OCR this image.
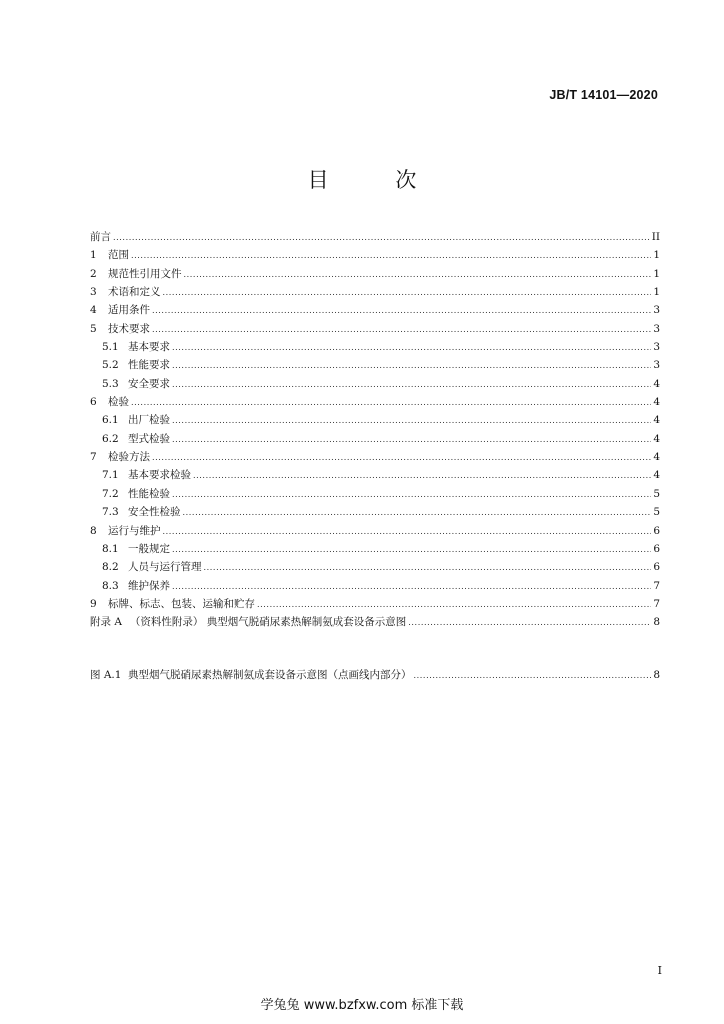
JB/T 14101—2020
目 次
前言 .....	II
1	范围 .....	1
2	规范性引用文件 .....	1
3	术语和定义 .....	1
4	适用条件 .....	3
5	技术要求 .....	3
5.1 基本要求 .....	3
5.2 性能要求 .....	3
5.3 安全要求 .....	4
6	检验 .....	4
6.1 出厂检验 .....	4
6.2 型式检验 .....	4
7	检验方法 .....	4
7.1 基本要求检验 .....	4
7.2 性能检验 .....	5
7.3 安全性检验 .....	5
8	运行与维护 .....	6
8.1 一般规定 .....	6
8.2 人员与运行管理 .....	6
8.3 维护保养 .....	7
9	标牌、标志、包装、运输和贮存 .....	7
附录 A （资料性附录） 典型烟气脱硝尿素热解制氨成套设备示意图 .....	8
图 A.1 典型烟气脱硝尿素热解制氨成套设备示意图（点画线内部分） .....	8
I
学兔兔 www.bzfxw.com 标准下载
